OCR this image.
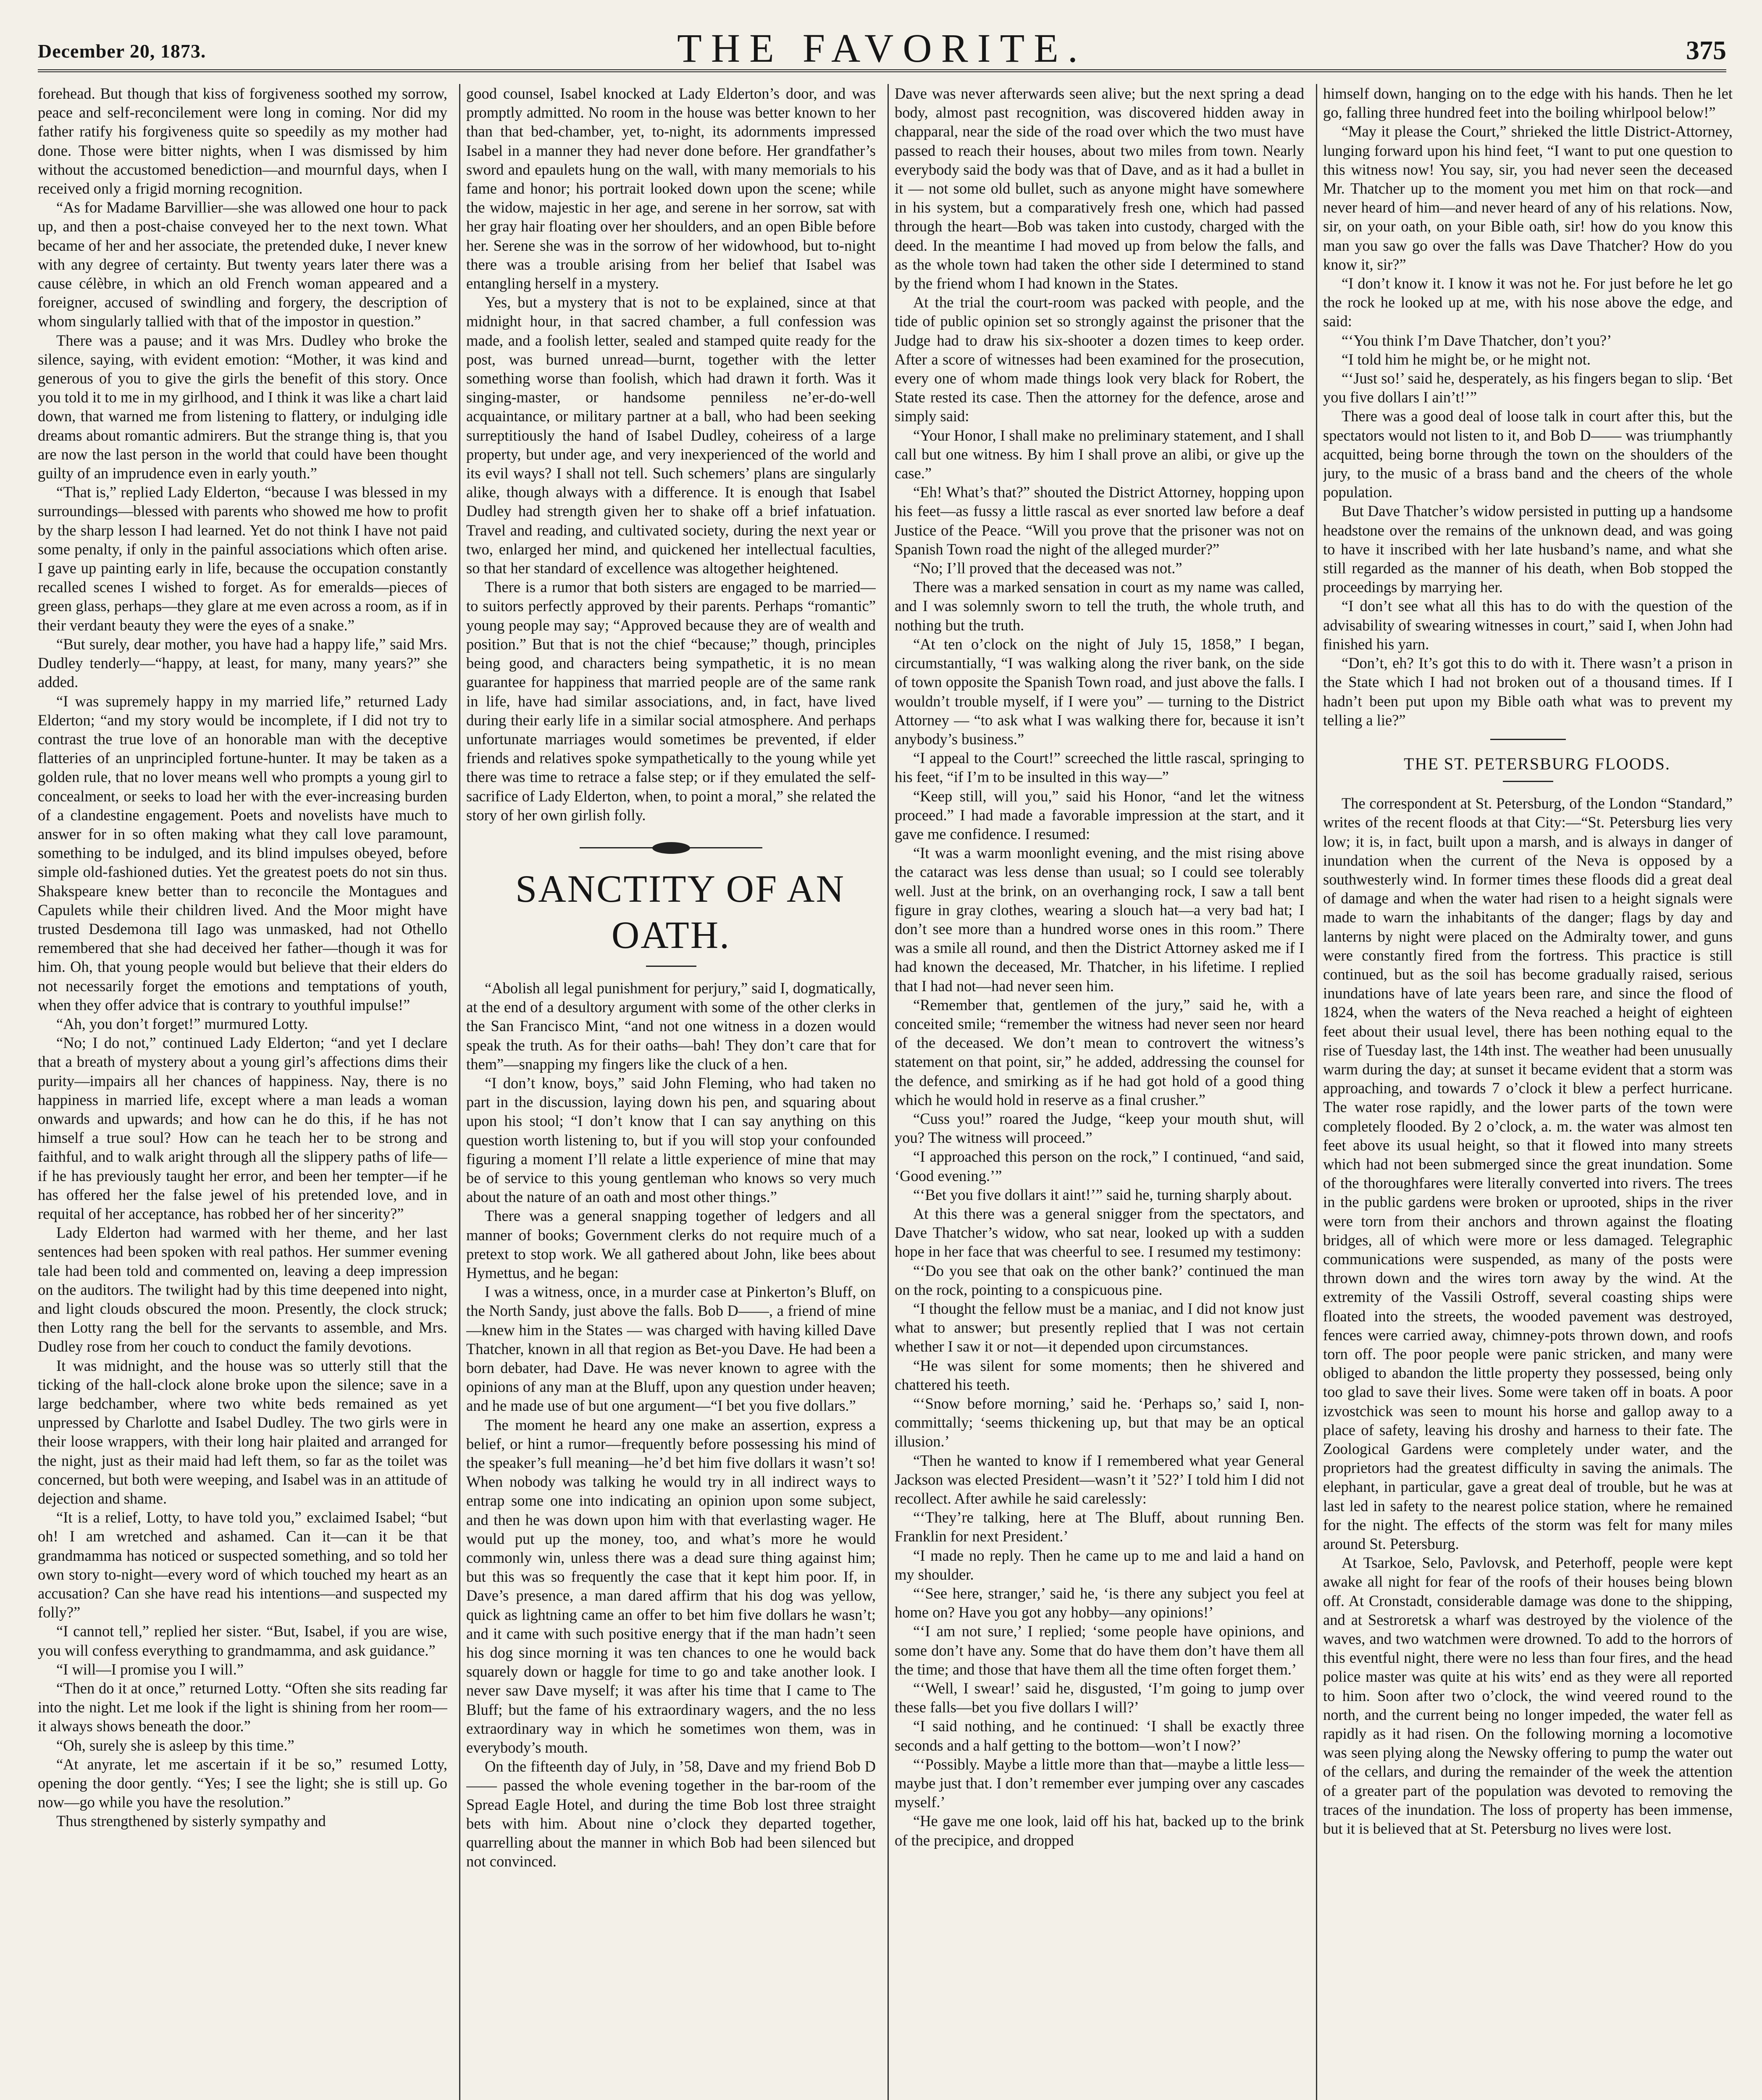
December 20, 1873.	THE FAVORITE.	375

forehead. But though that kiss of forgiveness soothed my sorrow, peace and self-reconcilement were long in coming. Nor did my father ratify his forgiveness quite so speedily as my mother had done. Those were bitter nights, when I was dismissed by him without the accustomed benediction—and mournful days, when I received only a frigid morning recognition.

“As for Madame Barvillier—she was allowed one hour to pack up, and then a post-chaise conveyed her to the next town. What became of her and her associate, the pretended duke, I never knew with any degree of certainty. But twenty years later there was a cause célèbre, in which an old French woman appeared and a foreigner, accused of swindling and forgery, the description of whom singularly tallied with that of the impostor in question.”

There was a pause; and it was Mrs. Dudley who broke the silence, saying, with evident emotion: “Mother, it was kind and generous of you to give the girls the benefit of this story. Once you told it to me in my girlhood, and I think it was like a chart laid down, that warned me from listening to flattery, or indulging idle dreams about romantic admirers. But the strange thing is, that you are now the last person in the world that could have been thought guilty of an imprudence even in early youth.”

“That is,” replied Lady Elderton, “because I was blessed in my surroundings—blessed with parents who showed me how to profit by the sharp lesson I had learned. Yet do not think I have not paid some penalty, if only in the painful associations which often arise. I gave up painting early in life, because the occupation constantly recalled scenes I wished to forget. As for emeralds—pieces of green glass, perhaps—they glare at me even across a room, as if in their verdant beauty they were the eyes of a snake.”

“But surely, dear mother, you have had a happy life,” said Mrs. Dudley tenderly—“happy, at least, for many, many years?” she added.

“I was supremely happy in my married life,” returned Lady Elderton; “and my story would be incomplete, if I did not try to contrast the true love of an honorable man with the deceptive flatteries of an unprincipled fortune-hunter. It may be taken as a golden rule, that no lover means well who prompts a young girl to concealment, or seeks to load her with the ever-increasing burden of a clandestine engagement. Poets and novelists have much to answer for in so often making what they call love paramount, something to be indulged, and its blind impulses obeyed, before simple old-fashioned duties. Yet the greatest poets do not sin thus. Shakspeare knew better than to reconcile the Montagues and Capulets while their children lived. And the Moor might have trusted Desdemona till Iago was unmasked, had not Othello remembered that she had deceived her father—though it was for him. Oh, that young people would but believe that their elders do not necessarily forget the emotions and temptations of youth, when they offer advice that is contrary to youthful impulse!”

“Ah, you don’t forget!” murmured Lotty.

“No; I do not,” continued Lady Elderton; “and yet I declare that a breath of mystery about a young girl’s affections dims their purity—impairs all her chances of happiness. Nay, there is no happiness in married life, except where a man leads a woman onwards and upwards; and how can he do this, if he has not himself a true soul? How can he teach her to be strong and faithful, and to walk aright through all the slippery paths of life—if he has previously taught her error, and been her tempter—if he has offered her the false jewel of his pretended love, and in requital of her acceptance, has robbed her of her sincerity?”

Lady Elderton had warmed with her theme, and her last sentences had been spoken with real pathos. Her summer evening tale had been told and commented on, leaving a deep impression on the auditors. The twilight had by this time deepened into night, and light clouds obscured the moon. Presently, the clock struck; then Lotty rang the bell for the servants to assemble, and Mrs. Dudley rose from her couch to conduct the family devotions.

It was midnight, and the house was so utterly still that the ticking of the hall-clock alone broke upon the silence; save in a large bedchamber, where two white beds remained as yet unpressed by Charlotte and Isabel Dudley. The two girls were in their loose wrappers, with their long hair plaited and arranged for the night, just as their maid had left them, so far as the toilet was concerned, but both were weeping, and Isabel was in an attitude of dejection and shame.

“It is a relief, Lotty, to have told you,” exclaimed Isabel; “but oh! I am wretched and ashamed. Can it—can it be that grandmamma has noticed or suspected something, and so told her own story to-night—every word of which touched my heart as an accusation? Can she have read his intentions—and suspected my folly?”

“I cannot tell,” replied her sister. “But, Isabel, if you are wise, you will confess everything to grandmamma, and ask guidance.”

“I will—I promise you I will.”

“Then do it at once,” returned Lotty. “Often she sits reading far into the night. Let me look if the light is shining from her room—it always shows beneath the door.”

“Oh, surely she is asleep by this time.”

“At anyrate, let me ascertain if it be so,” resumed Lotty, opening the door gently. “Yes; I see the light; she is still up. Go now—go while you have the resolution.”

Thus strengthened by sisterly sympathy and

good counsel, Isabel knocked at Lady Elderton’s door, and was promptly admitted. No room in the house was better known to her than that bed-chamber, yet, to-night, its adornments impressed Isabel in a manner they had never done before. Her grandfather’s sword and epaulets hung on the wall, with many memorials to his fame and honor; his portrait looked down upon the scene; while the widow, majestic in her age, and serene in her sorrow, sat with her gray hair floating over her shoulders, and an open Bible before her. Serene she was in the sorrow of her widowhood, but to-night there was a trouble arising from her belief that Isabel was entangling herself in a mystery.

Yes, but a mystery that is not to be explained, since at that midnight hour, in that sacred chamber, a full confession was made, and a foolish letter, sealed and stamped quite ready for the post, was burned unread—burnt, together with the letter something worse than foolish, which had drawn it forth. Was it singing-master, or handsome penniless ne’er-do-well acquaintance, or military partner at a ball, who had been seeking surreptitiously the hand of Isabel Dudley, coheiress of a large property, but under age, and very inexperienced of the world and its evil ways? I shall not tell. Such schemers’ plans are singularly alike, though always with a difference. It is enough that Isabel Dudley had strength given her to shake off a brief infatuation. Travel and reading, and cultivated society, during the next year or two, enlarged her mind, and quickened her intellectual faculties, so that her standard of excellence was altogether heightened.

There is a rumor that both sisters are engaged to be married—to suitors perfectly approved by their parents. Perhaps “romantic” young people may say; “Approved because they are of wealth and position.” But that is not the chief “because;” though, principles being good, and characters being sympathetic, it is no mean guarantee for happiness that married people are of the same rank in life, have had similar associations, and, in fact, have lived during their early life in a similar social atmosphere. And perhaps unfortunate marriages would sometimes be prevented, if elder friends and relatives spoke sympathetically to the young while yet there was time to retrace a false step; or if they emulated the self-sacrifice of Lady Elderton, when, to point a moral,” she related the story of her own girlish folly.

SANCTITY OF AN OATH.

“Abolish all legal punishment for perjury,” said I, dogmatically, at the end of a desultory argument with some of the other clerks in the San Francisco Mint, “and not one witness in a dozen would speak the truth. As for their oaths—bah! They don’t care that for them”—snapping my fingers like the cluck of a hen.

“I don’t know, boys,” said John Fleming, who had taken no part in the discussion, laying down his pen, and squaring about upon his stool; “I don’t know that I can say anything on this question worth listening to, but if you will stop your confounded figuring a moment I’ll relate a little experience of mine that may be of service to this young gentleman who knows so very much about the nature of an oath and most other things.”

There was a general snapping together of ledgers and all manner of books; Government clerks do not require much of a pretext to stop work. We all gathered about John, like bees about Hymettus, and he began:

I was a witness, once, in a murder case at Pinkerton’s Bluff, on the North Sandy, just above the falls. Bob D——, a friend of mine—knew him in the States — was charged with having killed Dave Thatcher, known in all that region as Bet-you Dave. He had been a born debater, had Dave. He was never known to agree with the opinions of any man at the Bluff, upon any question under heaven; and he made use of but one argument—“I bet you five dollars.”

The moment he heard any one make an assertion, express a belief, or hint a rumor—frequently before possessing his mind of the speaker’s full meaning—he’d bet him five dollars it wasn’t so! When nobody was talking he would try in all indirect ways to entrap some one into indicating an opinion upon some subject, and then he was down upon him with that everlasting wager. He would put up the money, too, and what’s more he would commonly win, unless there was a dead sure thing against him; but this was so frequently the case that it kept him poor. If, in Dave’s presence, a man dared affirm that his dog was yellow, quick as lightning came an offer to bet him five dollars he wasn’t; and it came with such positive energy that if the man hadn’t seen his dog since morning it was ten chances to one he would back squarely down or haggle for time to go and take another look. I never saw Dave myself; it was after his time that I came to The Bluff; but the fame of his extraordinary wagers, and the no less extraordinary way in which he sometimes won them, was in everybody’s mouth.

On the fifteenth day of July, in ’58, Dave and my friend Bob D—— passed the whole evening together in the bar-room of the Spread Eagle Hotel, and during the time Bob lost three straight bets with him. About nine o’clock they departed together, quarrelling about the manner in which Bob had been silenced but not convinced.

Dave was never afterwards seen alive; but the next spring a dead body, almost past recognition, was discovered hidden away in chapparal, near the side of the road over which the two must have passed to reach their houses, about two miles from town. Nearly everybody said the body was that of Dave, and as it had a bullet in it — not some old bullet, such as anyone might have somewhere in his system, but a comparatively fresh one, which had passed through the heart—Bob was taken into custody, charged with the deed. In the meantime I had moved up from below the falls, and as the whole town had taken the other side I determined to stand by the friend whom I had known in the States.

At the trial the court-room was packed with people, and the tide of public opinion set so strongly against the prisoner that the Judge had to draw his six-shooter a dozen times to keep order. After a score of witnesses had been examined for the prosecution, every one of whom made things look very black for Robert, the State rested its case. Then the attorney for the defence, arose and simply said:

“Your Honor, I shall make no preliminary statement, and I shall call but one witness. By him I shall prove an alibi, or give up the case.”

“Eh! What’s that?” shouted the District Attorney, hopping upon his feet—as fussy a little rascal as ever snorted law before a deaf Justice of the Peace. “Will you prove that the prisoner was not on Spanish Town road the night of the alleged murder?”

“No; I’ll proved that the deceased was not.”

There was a marked sensation in court as my name was called, and I was solemnly sworn to tell the truth, the whole truth, and nothing but the truth.

“At ten o’clock on the night of July 15, 1858,” I began, circumstantially, “I was walking along the river bank, on the side of town opposite the Spanish Town road, and just above the falls. I wouldn’t trouble myself, if I were you” — turning to the District Attorney — “to ask what I was walking there for, because it isn’t anybody’s business.”

“I appeal to the Court!” screeched the little rascal, springing to his feet, “if I’m to be insulted in this way—”

“Keep still, will you,” said his Honor, “and let the witness proceed.” I had made a favorable impression at the start, and it gave me confidence. I resumed:

“It was a warm moonlight evening, and the mist rising above the cataract was less dense than usual; so I could see tolerably well. Just at the brink, on an overhanging rock, I saw a tall bent figure in gray clothes, wearing a slouch hat—a very bad hat; I don’t see more than a hundred worse ones in this room.” There was a smile all round, and then the District Attorney asked me if I had known the deceased, Mr. Thatcher, in his lifetime. I replied that I had not—had never seen him.

“Remember that, gentlemen of the jury,” said he, with a conceited smile; “remember the witness had never seen nor heard of the deceased. We don’t mean to controvert the witness’s statement on that point, sir,” he added, addressing the counsel for the defence, and smirking as if he had got hold of a good thing which he would hold in reserve as a final crusher.”

“Cuss you!” roared the Judge, “keep your mouth shut, will you? The witness will proceed.”

“I approached this person on the rock,” I continued, “and said, ‘Good evening.’”

“‘Bet you five dollars it aint!’” said he, turning sharply about.

At this there was a general snigger from the spectators, and Dave Thatcher’s widow, who sat near, looked up with a sudden hope in her face that was cheerful to see. I resumed my testimony:

“‘Do you see that oak on the other bank?’ continued the man on the rock, pointing to a conspicuous pine.

“I thought the fellow must be a maniac, and I did not know just what to answer; but presently replied that I was not certain whether I saw it or not—it depended upon circumstances.

“He was silent for some moments; then he shivered and chattered his teeth.

“‘Snow before morning,’ said he. ‘Perhaps so,’ said I, non-committally; ‘seems thickening up, but that may be an optical illusion.’

“Then he wanted to know if I remembered what year General Jackson was elected President—wasn’t it ’52?’ I told him I did not recollect. After awhile he said carelessly:

“‘They’re talking, here at The Bluff, about running Ben. Franklin for next President.’

“I made no reply. Then he came up to me and laid a hand on my shoulder.

“‘See here, stranger,’ said he, ‘is there any subject you feel at home on? Have you got any hobby—any opinions!’

“‘I am not sure,’ I replied; ‘some people have opinions, and some don’t have any. Some that do have them don’t have them all the time; and those that have them all the time often forget them.’

“‘Well, I swear!’ said he, disgusted, ‘I’m going to jump over these falls—bet you five dollars I will?’

“I said nothing, and he continued: ‘I shall be exactly three seconds and a half getting to the bottom—won’t I now?’

“‘Possibly. Maybe a little more than that—maybe a little less—maybe just that. I don’t remember ever jumping over any cascades myself.’

“He gave me one look, laid off his hat, backed up to the brink of the precipice, and dropped

himself down, hanging on to the edge with his hands. Then he let go, falling three hundred feet into the boiling whirlpool below!”

“May it please the Court,” shrieked the little District-Attorney, lunging forward upon his hind feet, “I want to put one question to this witness now! You say, sir, you had never seen the deceased Mr. Thatcher up to the moment you met him on that rock—and never heard of him—and never heard of any of his relations. Now, sir, on your oath, on your Bible oath, sir! how do you know this man you saw go over the falls was Dave Thatcher? How do you know it, sir?”

“I don’t know it. I know it was not he. For just before he let go the rock he looked up at me, with his nose above the edge, and said:

“‘You think I’m Dave Thatcher, don’t you?’

“I told him he might be, or he might not.

“‘Just so!’ said he, desperately, as his fingers began to slip. ‘Bet you five dollars I ain’t!’”

There was a good deal of loose talk in court after this, but the spectators would not listen to it, and Bob D—— was triumphantly acquitted, being borne through the town on the shoulders of the jury, to the music of a brass band and the cheers of the whole population.

But Dave Thatcher’s widow persisted in putting up a handsome headstone over the remains of the unknown dead, and was going to have it inscribed with her late husband’s name, and what she still regarded as the manner of his death, when Bob stopped the proceedings by marrying her.

“I don’t see what all this has to do with the question of the advisability of swearing witnesses in court,” said I, when John had finished his yarn.

“Don’t, eh? It’s got this to do with it. There wasn’t a prison in the State which I had not broken out of a thousand times. If I hadn’t been put upon my Bible oath what was to prevent my telling a lie?”

THE ST. PETERSBURG FLOODS.

The correspondent at St. Petersburg, of the London “Standard,” writes of the recent floods at that City:—“St. Petersburg lies very low; it is, in fact, built upon a marsh, and is always in danger of inundation when the current of the Neva is opposed by a southwesterly wind. In former times these floods did a great deal of damage and when the water had risen to a height signals were made to warn the inhabitants of the danger; flags by day and lanterns by night were placed on the Admiralty tower, and guns were constantly fired from the fortress. This practice is still continued, but as the soil has become gradually raised, serious inundations have of late years been rare, and since the flood of 1824, when the waters of the Neva reached a height of eighteen feet about their usual level, there has been nothing equal to the rise of Tuesday last, the 14th inst. The weather had been unusually warm during the day; at sunset it became evident that a storm was approaching, and towards 7 o’clock it blew a perfect hurricane. The water rose rapidly, and the lower parts of the town were completely flooded. By 2 o’clock, a. m. the water was almost ten feet above its usual height, so that it flowed into many streets which had not been submerged since the great inundation. Some of the thoroughfares were literally converted into rivers. The trees in the public gardens were broken or uprooted, ships in the river were torn from their anchors and thrown against the floating bridges, all of which were more or less damaged. Telegraphic communications were suspended, as many of the posts were thrown down and the wires torn away by the wind. At the extremity of the Vassili Ostroff, several coasting ships were floated into the streets, the wooded pavement was destroyed, fences were carried away, chimney-pots thrown down, and roofs torn off. The poor people were panic stricken, and many were obliged to abandon the little property they possessed, being only too glad to save their lives. Some were taken off in boats. A poor izvostchick was seen to mount his horse and gallop away to a place of safety, leaving his droshy and harness to their fate. The Zoological Gardens were completely under water, and the proprietors had the greatest difficulty in saving the animals. The elephant, in particular, gave a great deal of trouble, but he was at last led in safety to the nearest police station, where he remained for the night. The effects of the storm was felt for many miles around St. Petersburg.

At Tsarkoe, Selo, Pavlovsk, and Peterhoff, people were kept awake all night for fear of the roofs of their houses being blown off. At Cronstadt, considerable damage was done to the shipping, and at Sestroretsk a wharf was destroyed by the violence of the waves, and two watchmen were drowned. To add to the horrors of this eventful night, there were no less than four fires, and the head police master was quite at his wits’ end as they were all reported to him. Soon after two o’clock, the wind veered round to the north, and the current being no longer impeded, the water fell as rapidly as it had risen. On the following morning a locomotive was seen plying along the Newsky offering to pump the water out of the cellars, and during the remainder of the week the attention of a greater part of the population was devoted to removing the traces of the inundation. The loss of property has been immense, but it is believed that at St. Petersburg no lives were lost.
